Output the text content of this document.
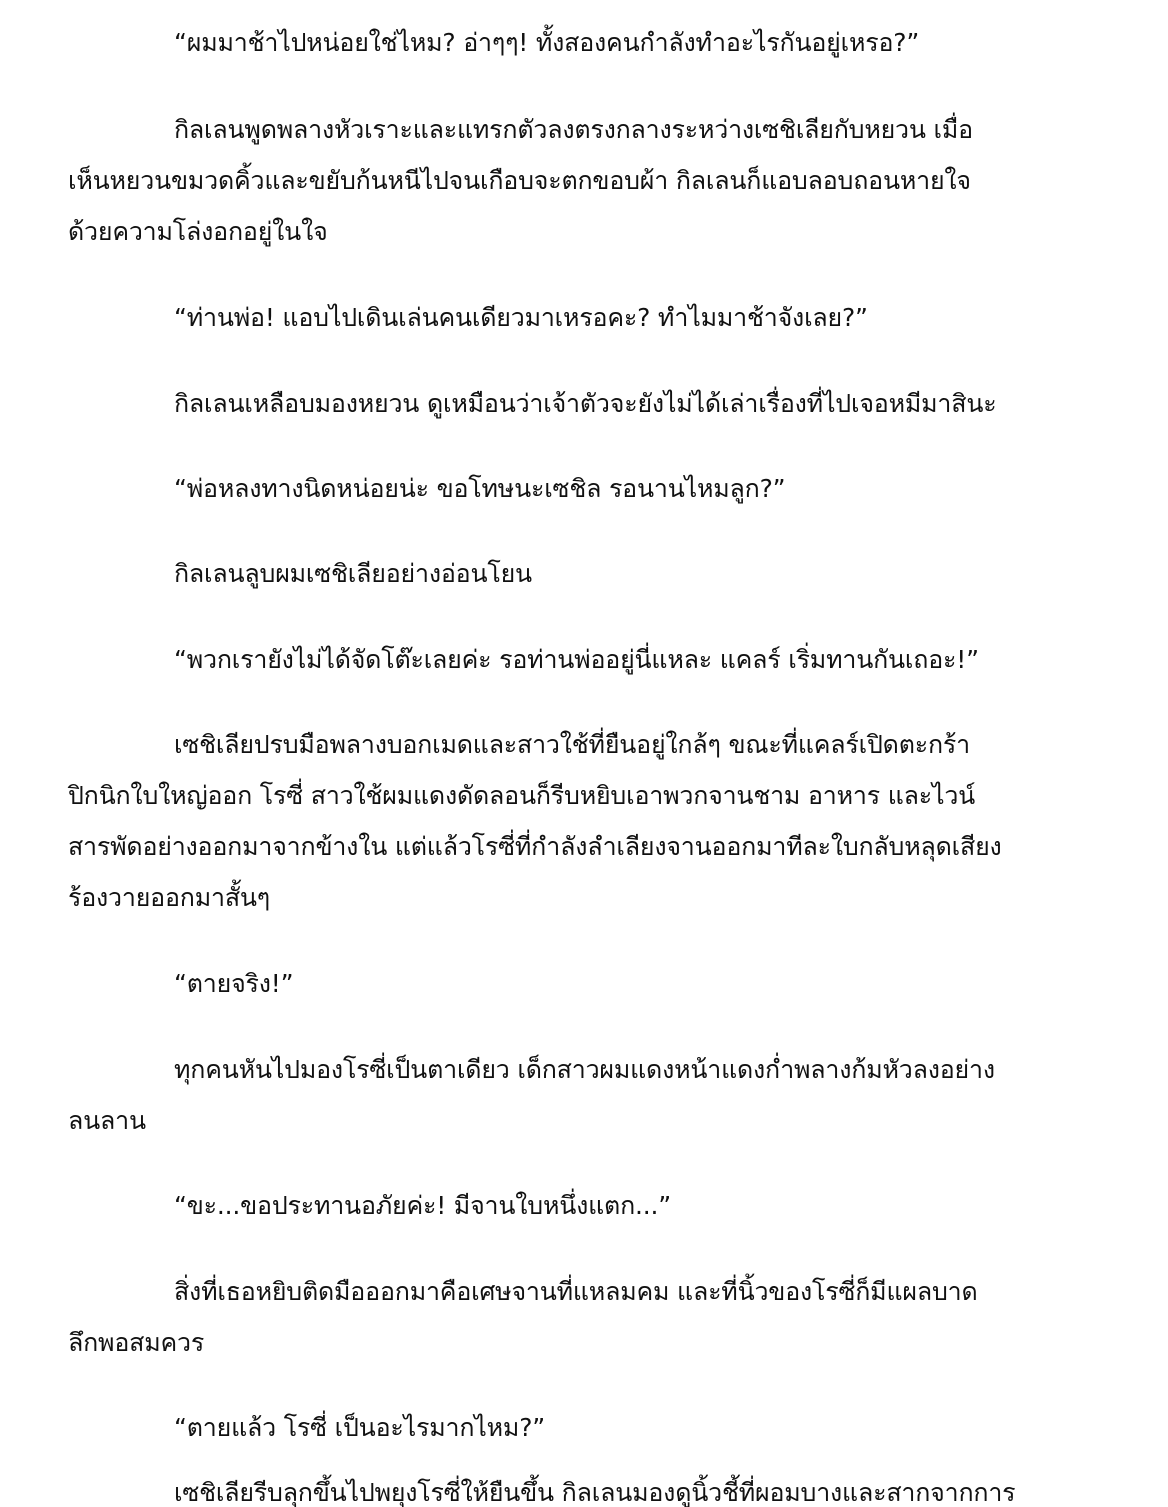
“ผมมาช้าไปหน่อยใช่ไหม? อ่าๆๆ! ทั้งสองคนกำลังทำอะไรกันอยู่เหรอ?”
กิลเลนพูดพลางหัวเราะและแทรกตัวลงตรงกลางระหว่างเซชิเลียกับหยวน เมื่อ
เห็นหยวนขมวดคิ้วและขยับก้นหนีไปจนเกือบจะตกขอบผ้า กิลเลนก็แอบลอบถอนหายใจ
ด้วยความโล่งอกอยู่ในใจ
“ท่านพ่อ! แอบไปเดินเล่นคนเดียวมาเหรอคะ? ทำไมมาช้าจังเลย?”
กิลเลนเหลือบมองหยวน ดูเหมือนว่าเจ้าตัวจะยังไม่ได้เล่าเรื่องที่ไปเจอหมีมาสินะ
“พ่อหลงทางนิดหน่อยน่ะ ขอโทษนะเซชิล รอนานไหมลูก?”
กิลเลนลูบผมเซชิเลียอย่างอ่อนโยน
“พวกเรายังไม่ได้จัดโต๊ะเลยค่ะ รอท่านพ่ออยู่นี่แหละ แคลร์ เริ่มทานกันเถอะ!”
เซชิเลียปรบมือพลางบอกเมดและสาวใช้ที่ยืนอยู่ใกล้ๆ ขณะที่แคลร์เปิดตะกร้า
ปิกนิกใบใหญ่ออก โรซี่ สาวใช้ผมแดงดัดลอนก็รีบหยิบเอาพวกจานชาม อาหาร และไวน์
สารพัดอย่างออกมาจากข้างใน แต่แล้วโรซี่ที่กำลังลำเลียงจานออกมาทีละใบกลับหลุดเสียง
ร้องวายออกมาสั้นๆ
“ตายจริง!”
ทุกคนหันไปมองโรซี่เป็นตาเดียว เด็กสาวผมแดงหน้าแดงก่ำพลางก้มหัวลงอย่าง
ลนลาน
“ขะ...ขอประทานอภัยค่ะ! มีจานใบหนึ่งแตก...”
สิ่งที่เธอหยิบติดมือออกมาคือเศษจานที่แหลมคม และที่นิ้วของโรซี่ก็มีแผลบาด
ลึกพอสมควร
“ตายแล้ว โรซี่ เป็นอะไรมากไหม?”
เซชิเลียรีบลุกขึ้นไปพยุงโรซี่ให้ยืนขึ้น กิลเลนมองดูนิ้วชี้ที่ผอมบางและสากจากการ
